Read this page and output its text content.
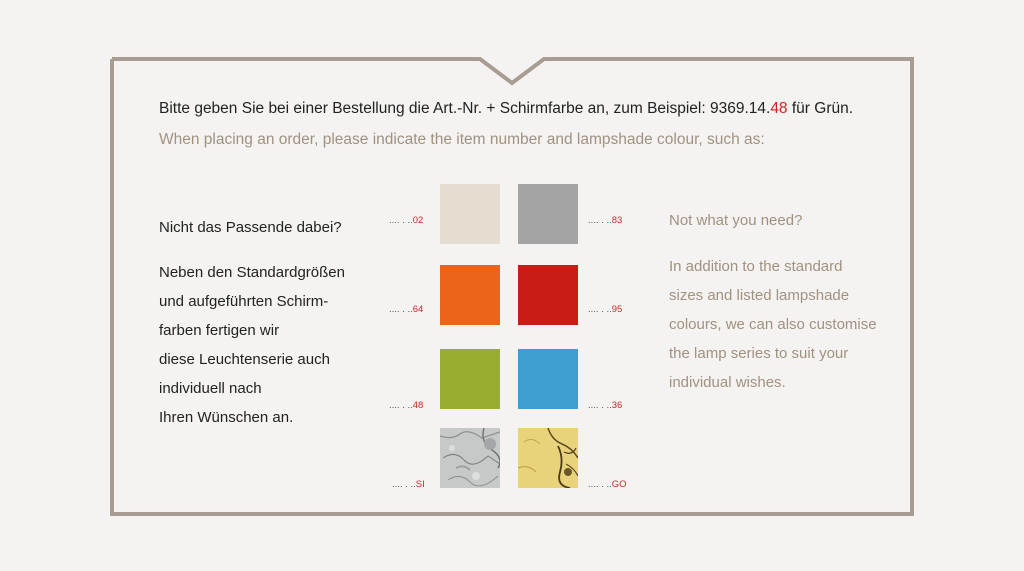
Bitte geben Sie bei einer Bestellung die Art.-Nr. + Schirmfarbe an, zum Beispiel: 9369.14.48 für Grün.
When placing an order, please indicate the item number and lampshade colour, such as:
Nicht das Passende dabei?
Neben den Standardgrößen
und aufgeführten Schirm-
farben fertigen wir
diese Leuchtenserie auch
individuell nach
Ihren Wünschen an.
Not what you need?
In addition to the standard
sizes and listed lampshade
colours, we can also customise
the lamp series to suit your
individual wishes.
.... . ..02	.... . ..83
.... . ..64	.... . ..95
.... . ..48	.... . ..36
.... . ..SI	.... . ..GO
